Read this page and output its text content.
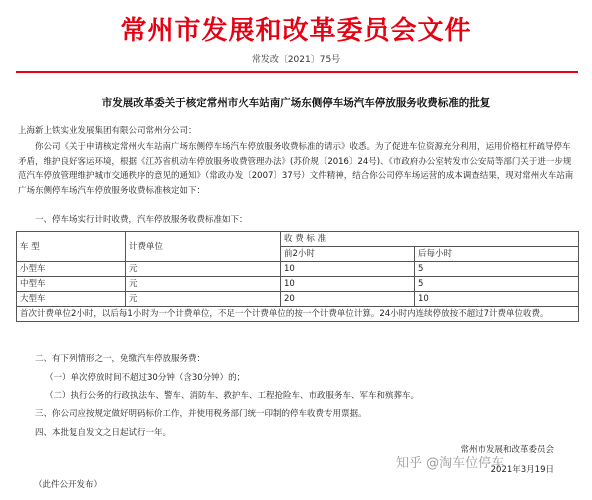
常州市发展和改革委员会文件
常发改〔2021〕75号
市发展改革委关于核定常州市火车站南广场东侧停车场汽车停放服务收费标准的批复
上海新上铁实业发展集团有限公司常州分公司：

你公司《关于申请核定常州火车站南广场东侧停车场汽车停放服务收费标准的请示》收悉。为了促进车位资源充分利用，运用价格杠杆疏导停车矛盾，维护良好客运环境，根据《江苏省机动车停放服务收费管理办法》(苏价规〔2016〕24号)、《市政府办公室转发市公安局等部门关于进一步规范汽车停放管理维护城市交通秩序的意见的通知》（常政办发〔2007〕37号）文件精神，结合你公司停车场运营的成本调查结果，现对常州火车站南广场东侧停车场汽车停放服务收费标准核定如下：

一、停车场实行计时收费，汽车停放服务收费标准如下：
车 型	计费单位	收 费 标 准	
		前2小时	后每小时
小型车	元	10	5
中型车	元	10	5
大型车	元	20	10
首次计费单位2小时，以后每1小时为一个计费单位，不足一个计费单位的按一个计费单位计算。24小时内连续停放按不超过7计费单位收费。			
二、有下列情形之一，免缴汽车停放服务费：
（一）单次停放时间不超过30分钟（含30分钟）的；
（二）执行公务的行政执法车、警车、消防车、救护车、工程抢险车、市政服务车、军车和殡葬车。
三、你公司应按规定做好明码标价工作，并使用税务部门统一印制的停车收费专用票据。
四、本批复自发文之日起试行一年。
常州市发展和改革委员会
知乎 @淘车位停车
2021年3月19日
（此件公开发布）
